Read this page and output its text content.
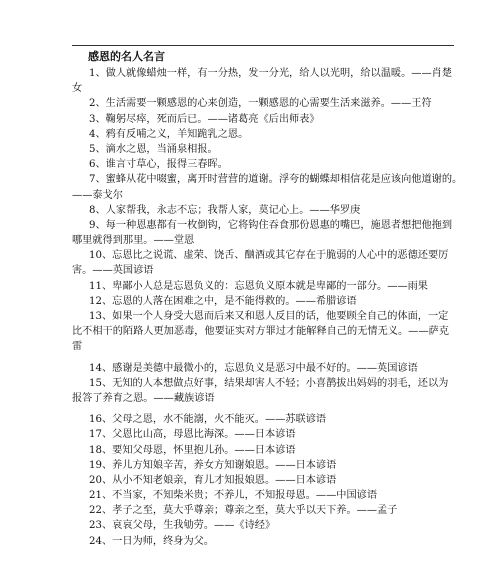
感恩的名人名言
1、做人就像蜡烛一样，有一分热，发一分光，给人以光明，给以温暖。——肖楚
女
2、生活需要一颗感恩的心来创造，一颗感恩的心需要生活来滋养。——王符
3、鞠躬尽瘁，死而后已。——诸葛亮《后出师表》
4、鸦有反哺之义，羊知跪乳之恩。
5、滴水之恩，当涌泉相报。
6、谁言寸草心，报得三春晖。
7、蜜蜂从花中啜蜜，离开时营营的道谢。浮夸的蝴蝶却相信花是应该向他道谢的。
——泰戈尔
8、人家帮我，永志不忘；我帮人家，莫记心上。——华罗庚
9、每一种恩惠都有一枚倒钩，它将钩住吞食那份恩惠的嘴巴，施恩者想把他拖到
哪里就得到那里。——堂恩
10、忘恩比之说谎、虚荣、饶舌、酗酒或其它存在于脆弱的人心中的恶德还要厉
害。——英国谚语
11、卑鄙小人总是忘恩负义的：忘恩负义原本就是卑鄙的一部分。——雨果
12、忘恩的人落在困难之中，是不能得救的。——希腊谚语
13、如果一个人身受大恩而后来又和恩人反目的话，他要顾全自己的体面，一定
比不相干的陌路人更加恶毒，他要证实对方罪过才能解释自己的无情无义。——萨克
雷
14、感谢是美德中最微小的，忘恩负义是恶习中最不好的。——英国谚语
15、无知的人本想做点好事，结果却害人不轻；小喜鹊拔出妈妈的羽毛，还以为
报答了养育之恩。——藏族谚语
16、父母之恩，水不能溺，火不能灭。——苏联谚语
17、父恩比山高，母恩比海深。——日本谚语
18、要知父母恩，怀里抱儿孙。——日本谚语
19、养儿方知娘辛苦，养女方知谢娘恩。——日本谚语
20、从小不知老娘亲，育儿才知报娘恩。——日本谚语
21、不当家，不知柴米贵；不养儿，不知报母恩。——中国谚语
22、孝子之至，莫大乎尊亲；尊亲之至，莫大乎以天下养。——孟子
23、哀哀父母，生我劬劳。——《诗经》
24、一日为师，终身为父。
